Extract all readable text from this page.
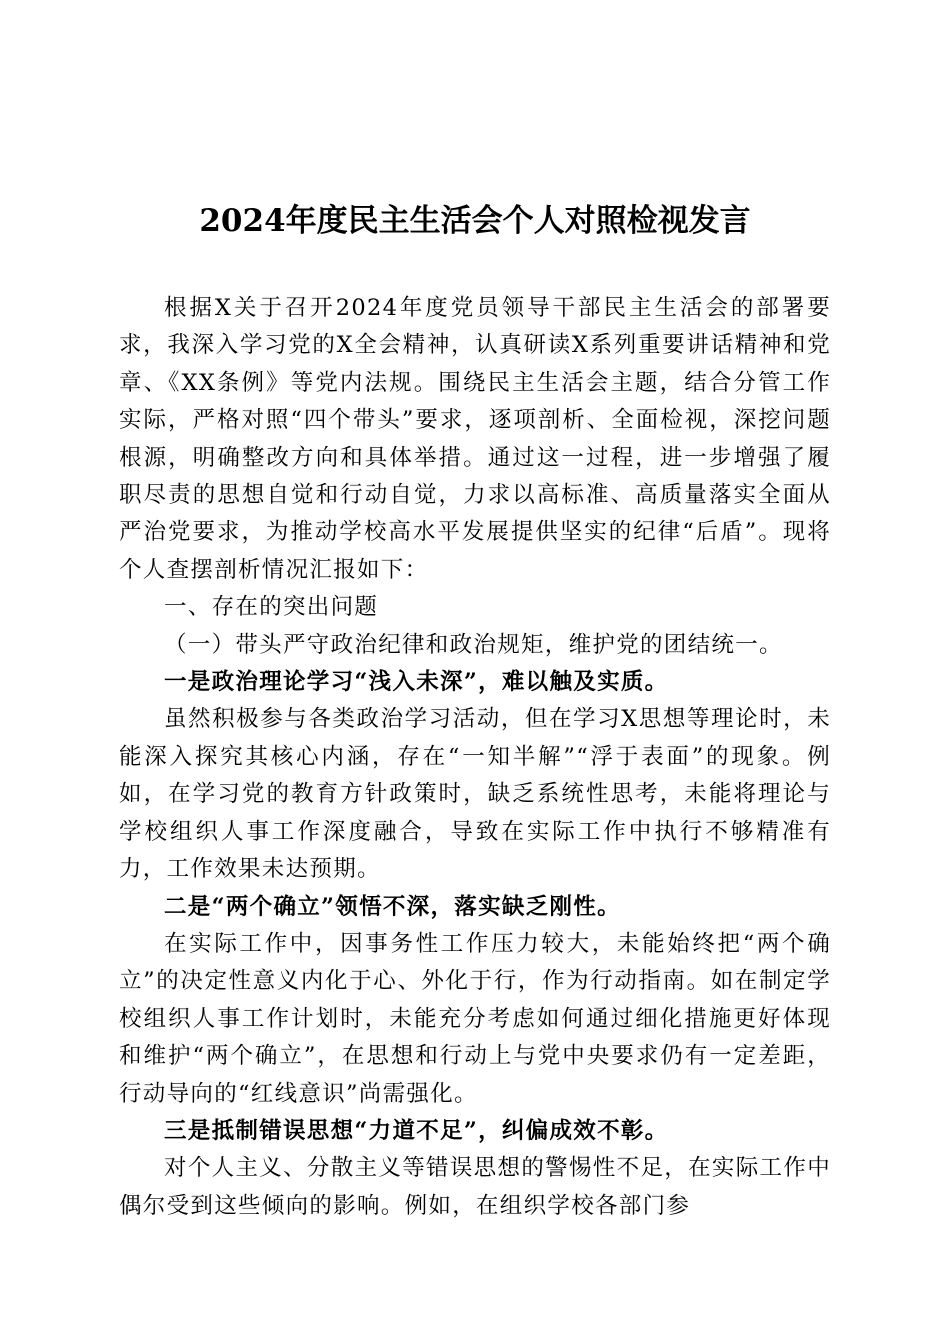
2024年度民主生活会个人对照检视发言

根据X关于召开2024年度党员领导干部民主生活会的部署要求，我深入学习党的X全会精神，认真研读X系列重要讲话精神和党章、《XX条例》等党内法规。围绕民主生活会主题，结合分管工作实际，严格对照“四个带头”要求，逐项剖析、全面检视，深挖问题根源，明确整改方向和具体举措。通过这一过程，进一步增强了履职尽责的思想自觉和行动自觉，力求以高标准、高质量落实全面从严治党要求，为推动学校高水平发展提供坚实的纪律“后盾”。现将个人查摆剖析情况汇报如下：

一、存在的突出问题

（一）带头严守政治纪律和政治规矩，维护党的团结统一。

一是政治理论学习“浅入未深”，难以触及实质。

虽然积极参与各类政治学习活动，但在学习X思想等理论时，未能深入探究其核心内涵，存在“一知半解”“浮于表面”的现象。例如，在学习党的教育方针政策时，缺乏系统性思考，未能将理论与学校组织人事工作深度融合，导致在实际工作中执行不够精准有力，工作效果未达预期。

二是“两个确立”领悟不深，落实缺乏刚性。

在实际工作中，因事务性工作压力较大，未能始终把“两个确立”的决定性意义内化于心、外化于行，作为行动指南。如在制定学校组织人事工作计划时，未能充分考虑如何通过细化措施更好体现和维护“两个确立”，在思想和行动上与党中央要求仍有一定差距，行动导向的“红线意识”尚需强化。

三是抵制错误思想“力道不足”，纠偏成效不彰。

对个人主义、分散主义等错误思想的警惕性不足，在实际工作中偶尔受到这些倾向的影响。例如，在组织学校各部门参
